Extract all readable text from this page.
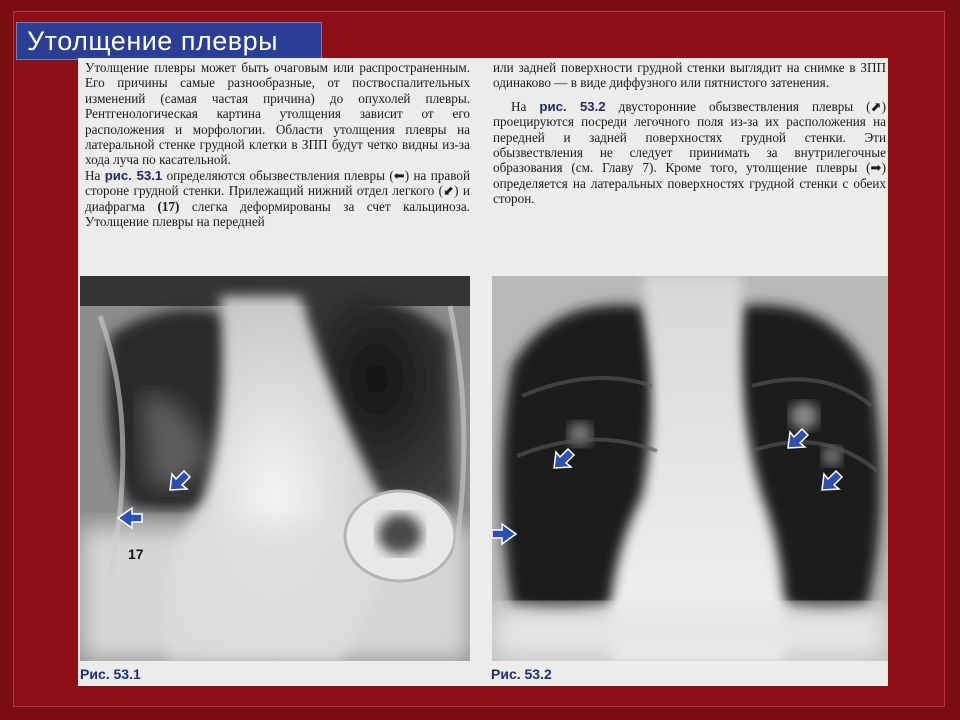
Утолщение плевры

Утолщение плевры может быть очаговым или распространенным. Его причины самые разнообразные, от поствоспалительных изменений (самая частая причина) до опухолей плевры. Рентгенологическая картина утолщения зависит от его расположения и морфологии. Области утолщения плевры на латеральной стенке грудной клетки в ЗПП будут четко видны из-за хода луча по касательной.

На рис. 53.1 определяются обызвествления плевры (⬅) на правой стороне грудной стенки. Прилежащий нижний отдел легкого (⬋) и диафрагма (17) слегка деформированы за счет кальциноза. Утолщение плевры на передней

или задней поверхности грудной стенки выглядит на снимке в ЗПП одинаково — в виде диффузного или пятнистого затенения.

На рис. 53.2 двусторонние обызвествления плевры (⬈) проецируются посреди легочного поля из-за их расположения на передней и задней поверхностях грудной стенки. Эти обызвествления не следует принимать за внутрилегочные образования (см. Главу 7). Кроме того, утолщение плевры (➡) определяется на латеральных поверхностях грудной стенки с обеих сторон.

17
Рис. 53.1	Рис. 53.2
